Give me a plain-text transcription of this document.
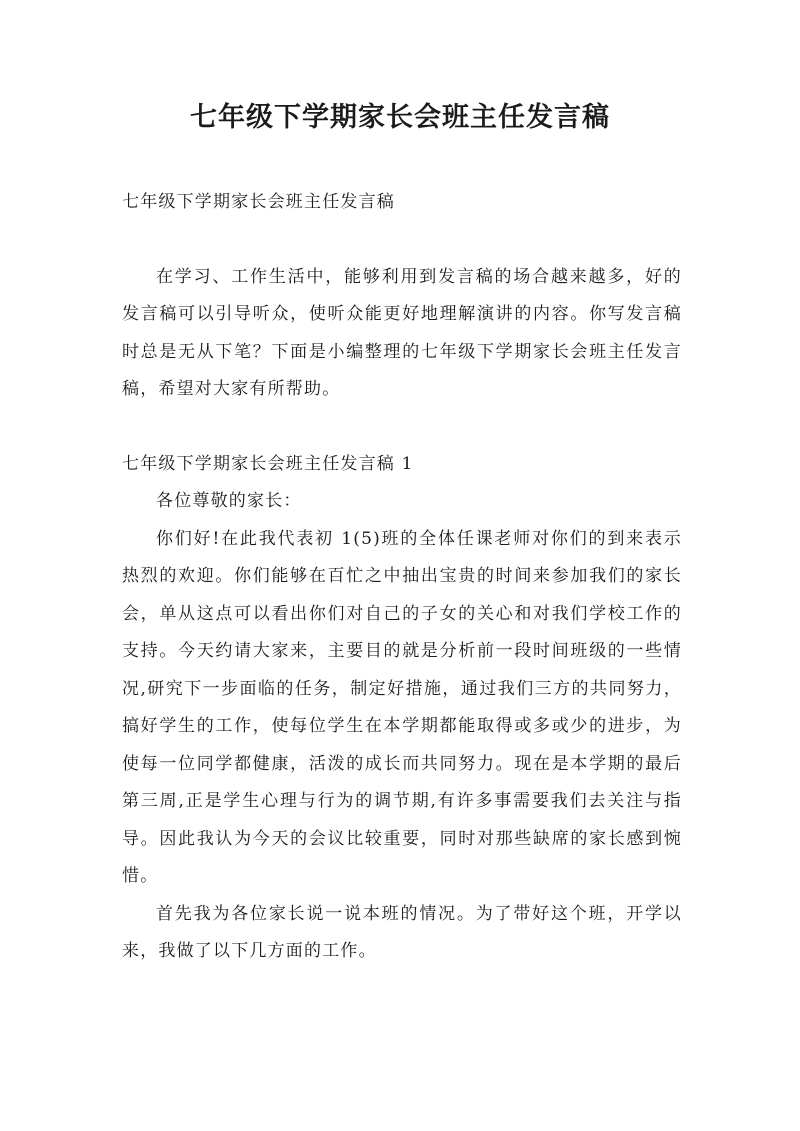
七年级下学期家长会班主任发言稿

七年级下学期家长会班主任发言稿

在学习、工作生活中，能够利用到发言稿的场合越来越多，好的发言稿可以引导听众，使听众能更好地理解演讲的内容。你写发言稿时总是无从下笔？下面是小编整理的七年级下学期家长会班主任发言稿，希望对大家有所帮助。

七年级下学期家长会班主任发言稿 1

各位尊敬的家长：

你们好!在此我代表初 1(5)班的全体任课老师对你们的到来表示热烈的欢迎。你们能够在百忙之中抽出宝贵的时间来参加我们的家长会，单从这点可以看出你们对自己的子女的关心和对我们学校工作的支持。今天约请大家来，主要目的就是分析前一段时间班级的一些情况,研究下一步面临的任务，制定好措施，通过我们三方的共同努力，搞好学生的工作，使每位学生在本学期都能取得或多或少的进步，为使每一位同学都健康，活泼的成长而共同努力。现在是本学期的最后第三周,正是学生心理与行为的调节期,有许多事需要我们去关注与指导。因此我认为今天的会议比较重要，同时对那些缺席的家长感到惋惜。

首先我为各位家长说一说本班的情况。为了带好这个班，开学以来，我做了以下几方面的工作。
